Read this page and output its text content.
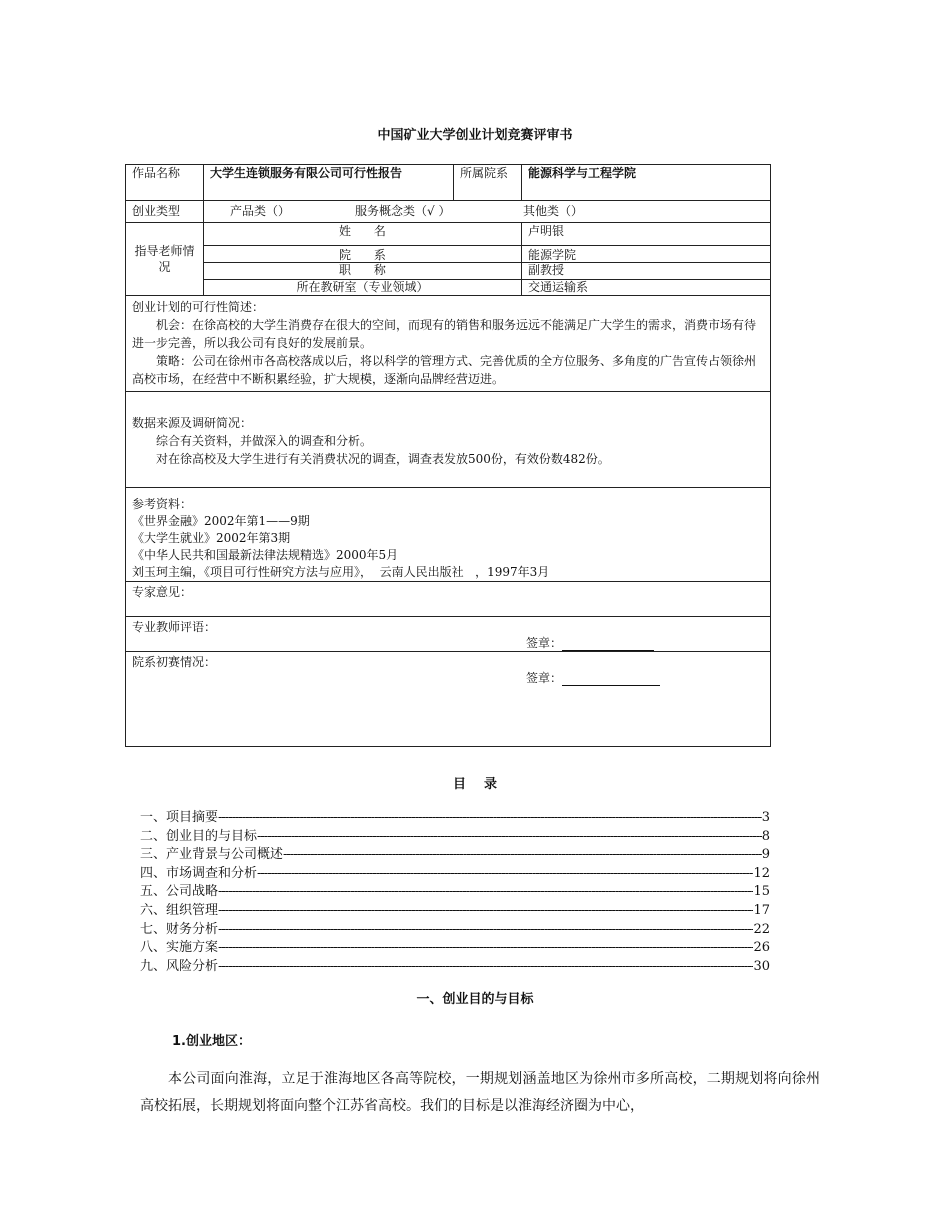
中国矿业大学创业计划竞赛评审书
作品名称	大学生连锁服务有限公司可行性报告	所属院系	能源科学与工程学院
创业类型	产品类（） 服务概念类（√ ） 其他类（）		
指导老师情况	姓      名		卢明银
	院      系		能源学院
	职      称		副教授
	所在教研室（专业领域）		交通运输系

创业计划的可行性简述：
机会：在徐高校的大学生消费存在很大的空间，而现有的销售和服务远远不能满足广大学生的需求，消费市场有待进一步完善，所以我公司有良好的发展前景。
策略：公司在徐州市各高校落成以后，将以科学的管理方式、完善优质的全方位服务、多角度的广告宣传占领徐州高校市场，在经营中不断积累经验，扩大规模，逐渐向品牌经营迈进。			

数据来源及调研简况：
综合有关资料，并做深入的调查和分析。
对在徐高校及大学生进行有关消费状况的调查，调查表发放500份，有效份数482份。			

参考资料：
《世界金融》2002年第1——9期
《大学生就业》2002年第3期
《中华人民共和国最新法律法规精选》2000年5月
刘玉珂主编，《项目可行性研究方法与应用》，  云南人民出版社   ，1997年3月			

专家意见：			

专业教师评语：
签章：			

院系初赛情况：
签章：			
目    录
一、项目摘要 -----	3
二、创业目的与目标 -----	8
三、产业背景与公司概述 -----	9
四、市场调查和分析 -----	12
五、公司战略 -----	15
六、组织管理 -----	17
七、财务分析 -----	22
八、实施方案 -----	26
九、风险分析 -----	30
一、创业目的与目标
1.创业地区：
本公司面向淮海，立足于淮海地区各高等院校，一期规划涵盖地区为徐州市多所高校，二期规划将向徐州高校拓展，长期规划将面向整个江苏省高校。我们的目标是以淮海经济圈为中心，
